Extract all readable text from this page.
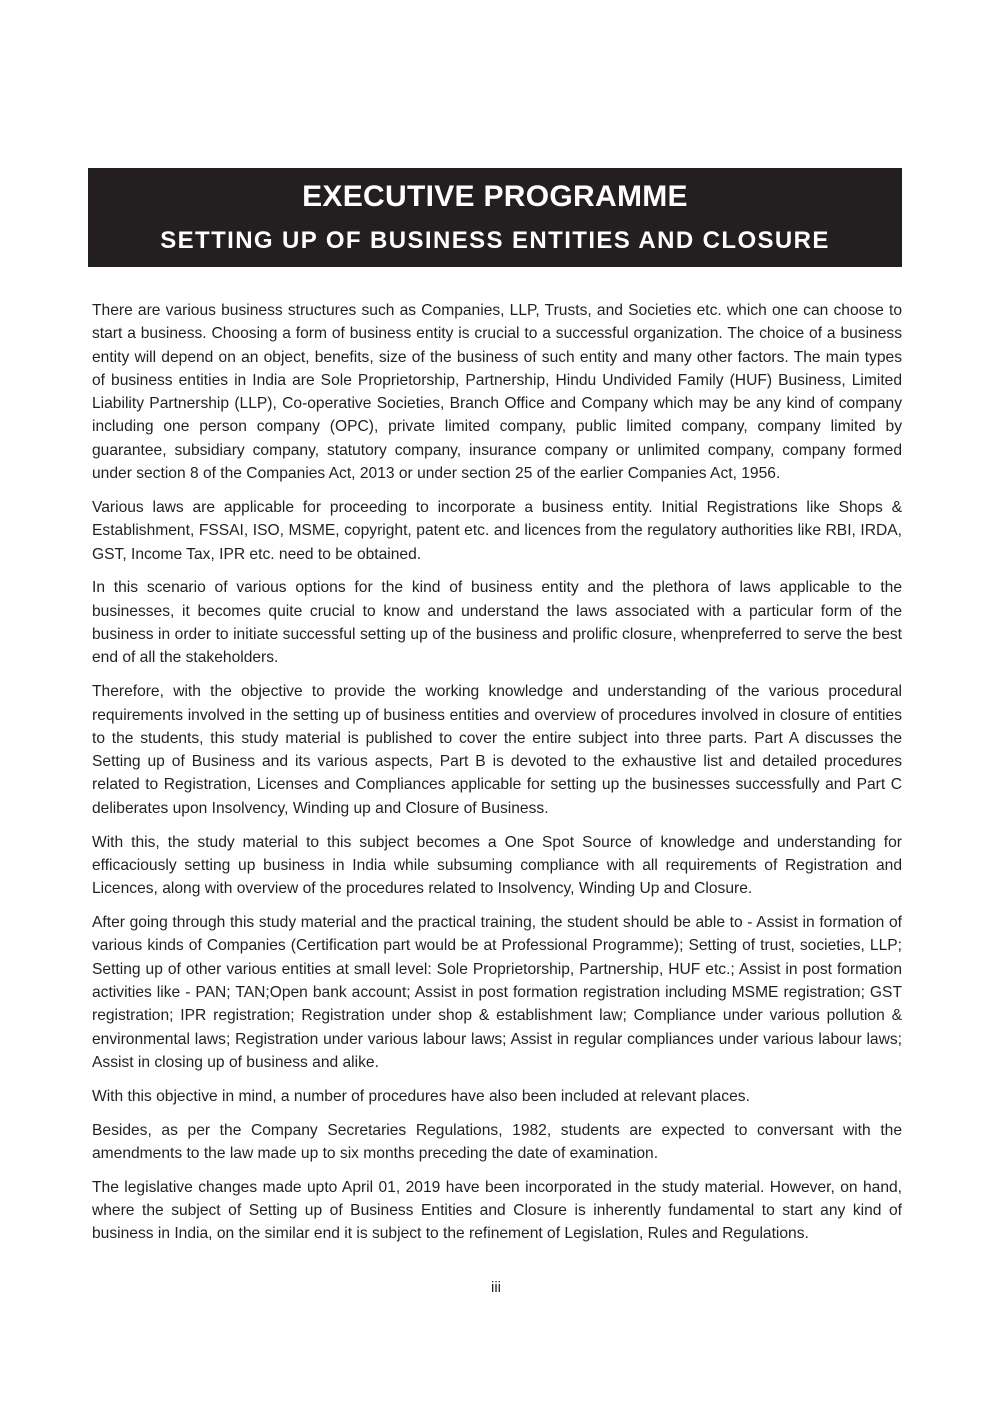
EXECUTIVE PROGRAMME
SETTING UP OF BUSINESS ENTITIES AND CLOSURE

There are various business structures such as Companies, LLP, Trusts, and Societies etc. which one can choose to start a business. Choosing a form of business entity is crucial to a successful organization. The choice of a business entity will depend on an object, benefits, size of the business of such entity and many other factors. The main types of business entities in India are Sole Proprietorship, Partnership, Hindu Undivided Family (HUF) Business, Limited Liability Partnership (LLP), Co-operative Societies, Branch Office and Company which may be any kind of company including one person company (OPC), private limited company, public limited company, company limited by guarantee, subsidiary company, statutory company, insurance company or unlimited company, company formed under section 8 of the Companies Act, 2013 or under section 25 of the earlier Companies Act, 1956.

Various laws are applicable for proceeding to incorporate a business entity. Initial Registrations like Shops & Establishment, FSSAI, ISO, MSME, copyright, patent etc. and licences from the regulatory authorities like RBI, IRDA, GST, Income Tax, IPR etc. need to be obtained.

In this scenario of various options for the kind of business entity and the plethora of laws applicable to the businesses, it becomes quite crucial to know and understand the laws associated with a particular form of the business in order to initiate successful setting up of the business and prolific closure, whenpreferred to serve the best end of all the stakeholders.

Therefore, with the objective to provide the working knowledge and understanding of the various procedural requirements involved in the setting up of business entities and overview of procedures involved in closure of entities to the students, this study material is published to cover the entire subject into three parts. Part A discusses the Setting up of Business and its various aspects, Part B is devoted to the exhaustive list and detailed procedures related to Registration, Licenses and Compliances applicable for setting up the businesses successfully and Part C deliberates upon Insolvency, Winding up and Closure of Business.

With this, the study material to this subject becomes a One Spot Source of knowledge and understanding for efficaciously setting up business in India while subsuming compliance with all requirements of Registration and Licences, along with overview of the procedures related to Insolvency, Winding Up and Closure.

After going through this study material and the practical training, the student should be able to - Assist in formation of various kinds of Companies (Certification part would be at Professional Programme); Setting of trust, societies, LLP; Setting up of other various entities at small level: Sole Proprietorship, Partnership, HUF etc.; Assist in post formation activities like - PAN; TAN;Open bank account; Assist in post formation registration including MSME registration; GST registration; IPR registration; Registration under shop & establishment law; Compliance under various pollution & environmental laws; Registration under various labour laws; Assist in regular compliances under various labour laws; Assist in closing up of business and alike.

With this objective in mind, a number of procedures have also been included at relevant places.

Besides, as per the Company Secretaries Regulations, 1982, students are expected to conversant with the amendments to the law made up to six months preceding the date of examination.

The legislative changes made upto April 01, 2019 have been incorporated in the study material. However, on hand, where the subject of Setting up of Business Entities and Closure is inherently fundamental to start any kind of business in India, on the similar end it is subject to the refinement of Legislation, Rules and Regulations.

iii
